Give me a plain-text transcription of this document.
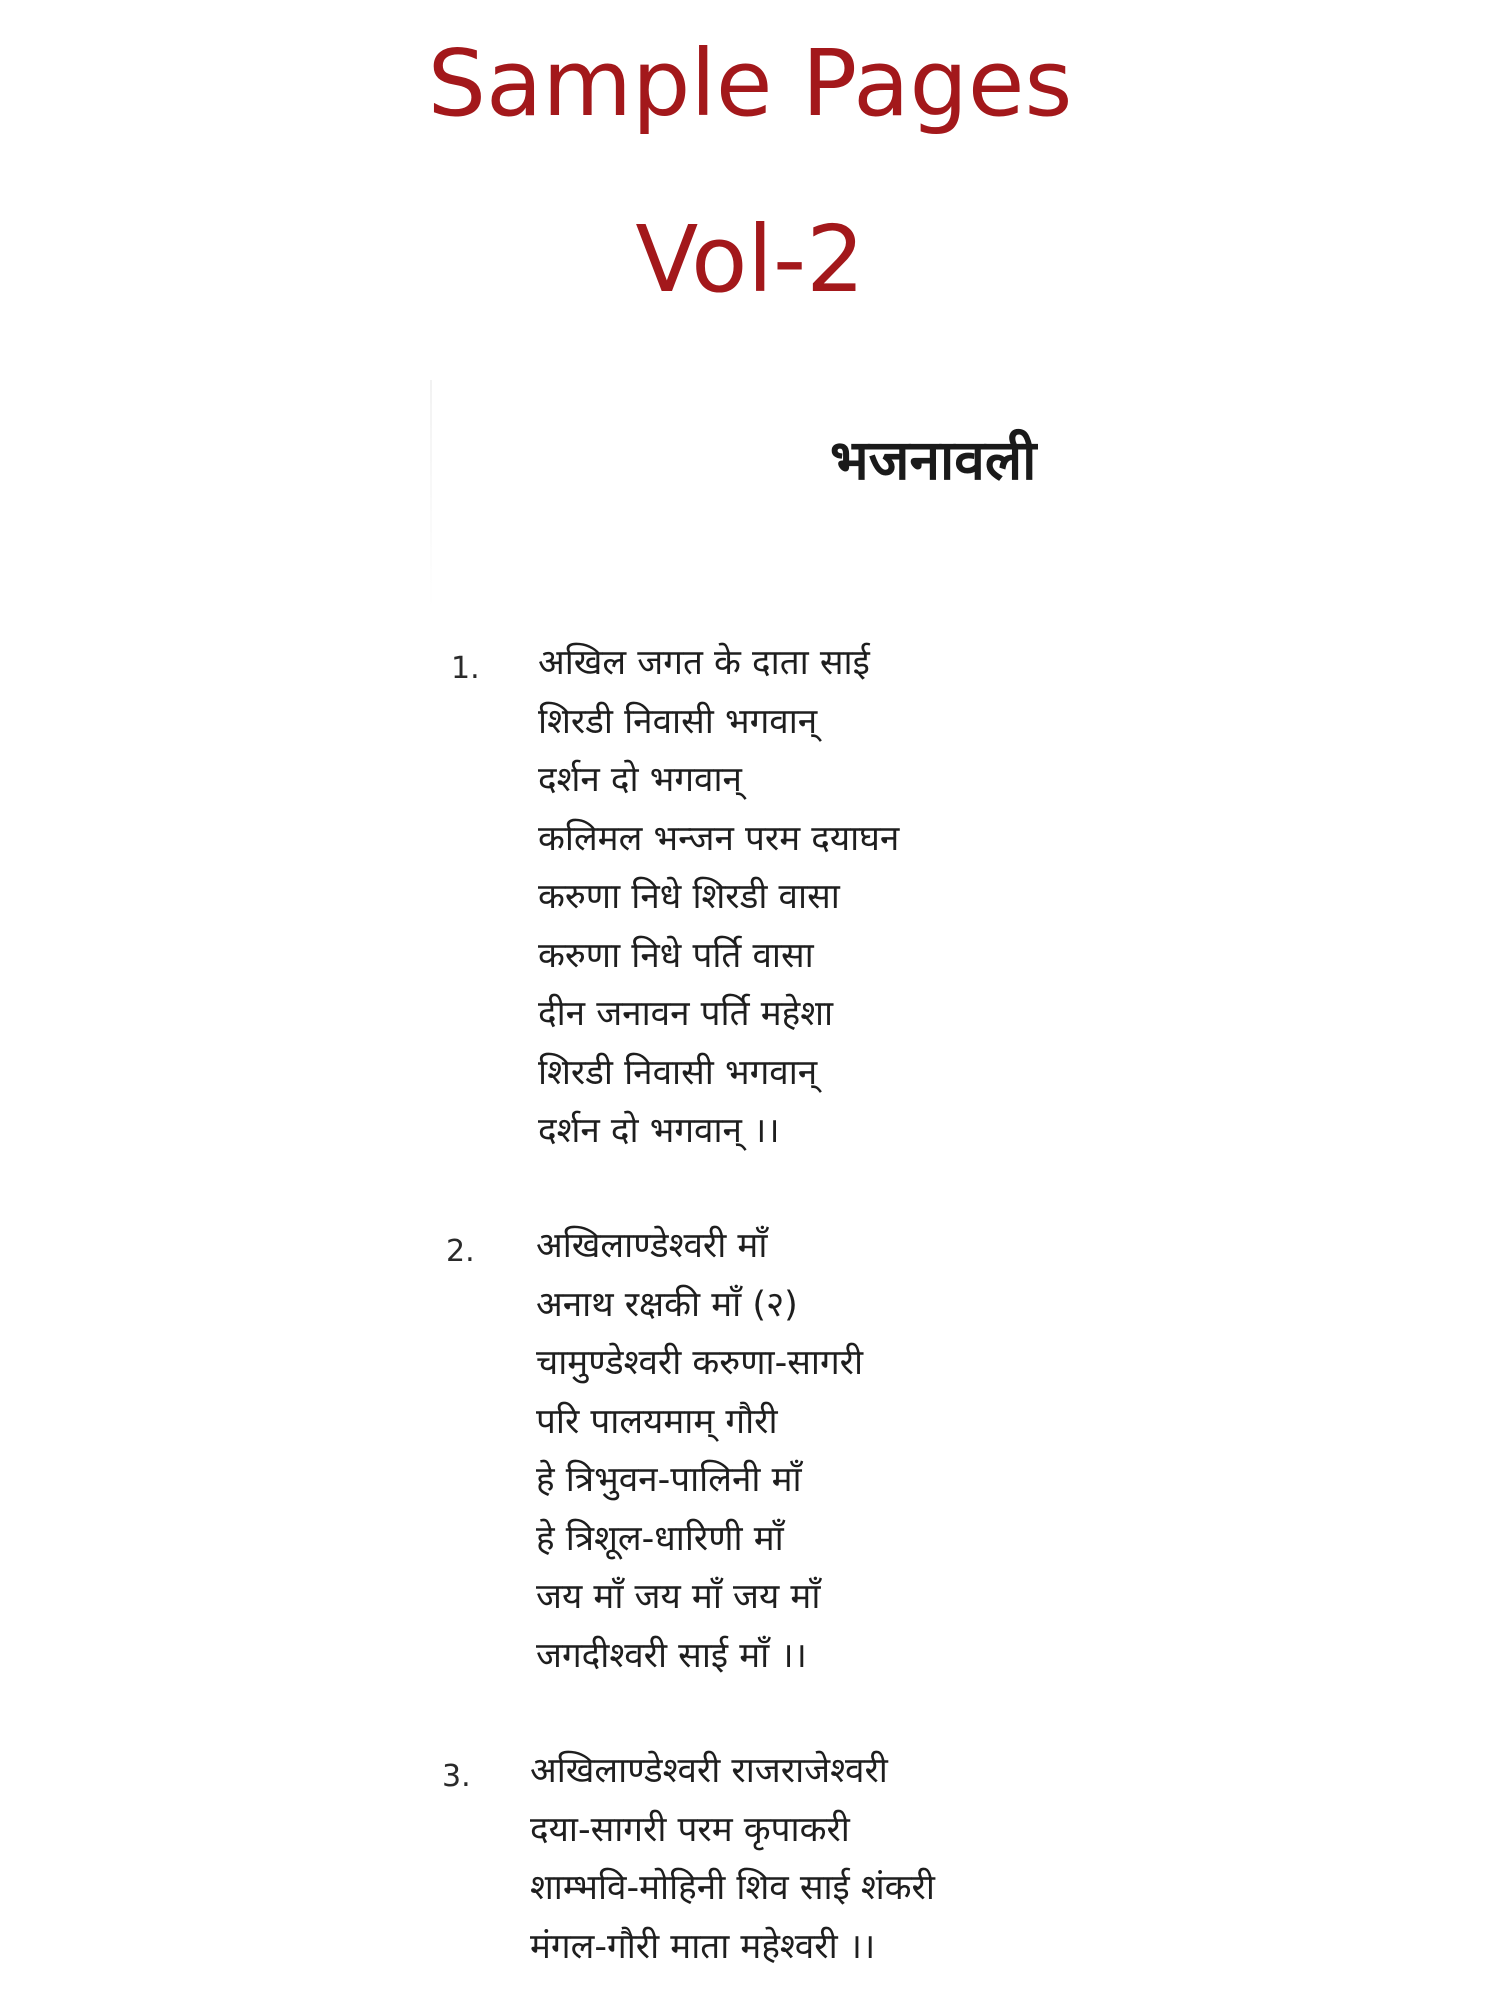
Sample Pages
Vol-2
भजनावली
1. अखिल जगत के दाता साई
शिरडी निवासी भगवान्
दर्शन दो भगवान्
कलिमल भन्जन परम दयाघन
करुणा निधे शिरडी वासा
करुणा निधे पर्ति वासा
दीन जनावन पर्ति महेशा
शिरडी निवासी भगवान्
दर्शन दो भगवान् ।।
2. अखिलाण्डेश्वरी माँ
अनाथ रक्षकी माँ (२)
चामुण्डेश्वरी करुणा-सागरी
परि पालयमाम् गौरी
हे त्रिभुवन-पालिनी माँ
हे त्रिशूल-धारिणी माँ
जय माँ जय माँ जय माँ
जगदीश्वरी साई माँ ।।
3. अखिलाण्डेश्वरी राजराजेश्वरी
दया-सागरी परम कृपाकरी
शाम्भवि-मोहिनी शिव साई शंकरी
मंगल-गौरी माता महेश्वरी ।।
